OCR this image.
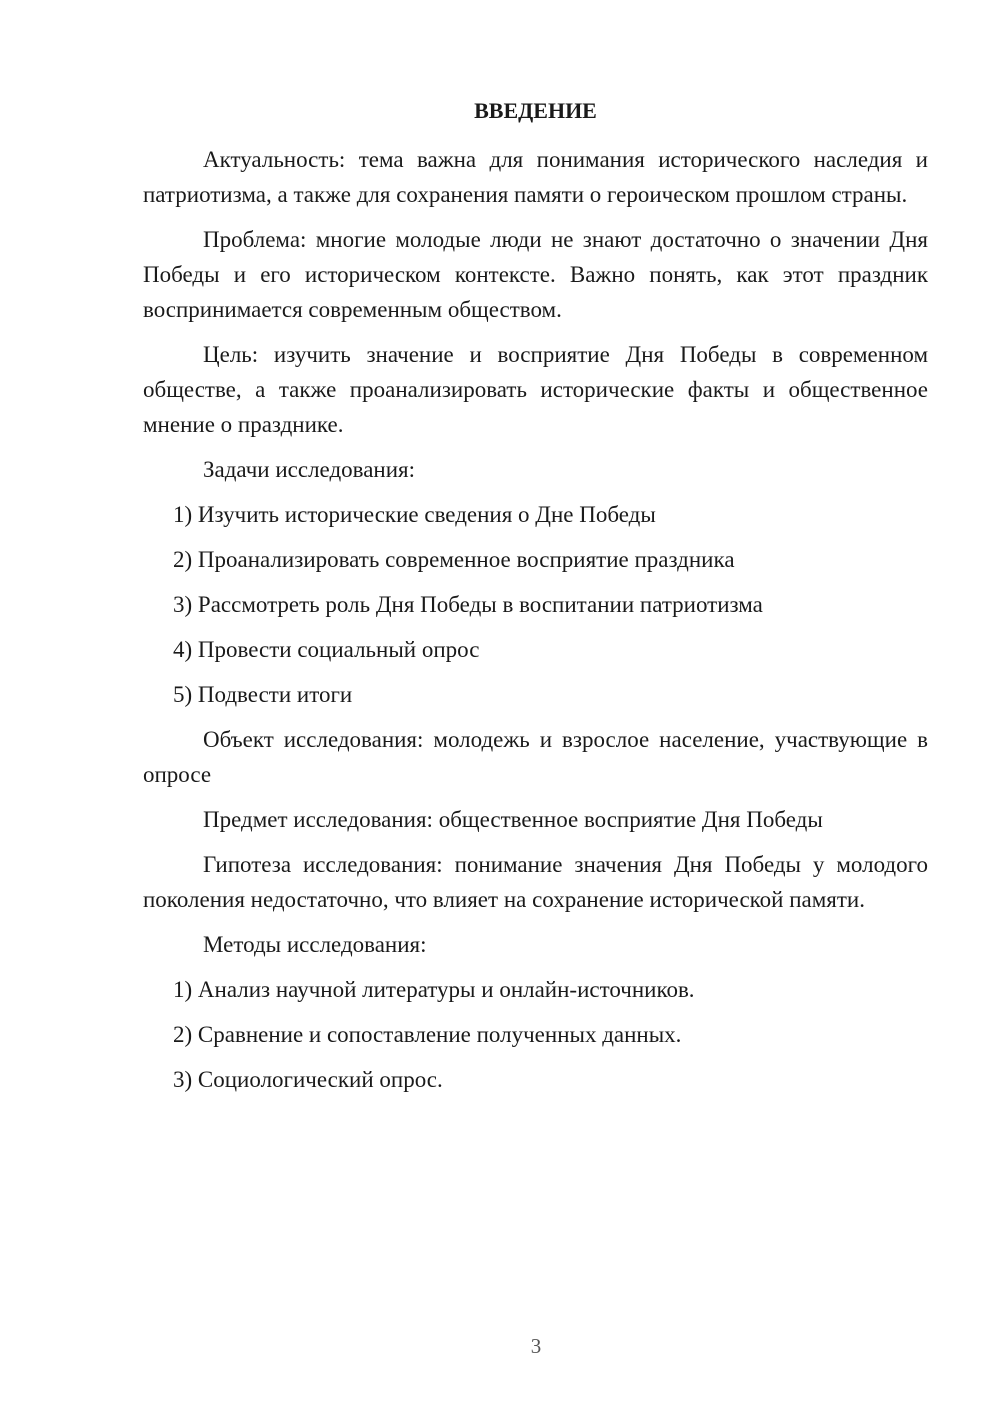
ВВЕДЕНИЕ

Актуальность: тема важна для понимания исторического наследия и патриотизма, а также для сохранения памяти о героическом прошлом страны.

Проблема: многие молодые люди не знают достаточно о значении Дня Победы и его историческом контексте. Важно понять, как этот праздник воспринимается современным обществом.

Цель: изучить значение и восприятие Дня Победы в современном обществе, а также проанализировать исторические факты и общественное мнение о празднике.

Задачи исследования:

1) Изучить исторические сведения о Дне Победы
2) Проанализировать современное восприятие праздника
3) Рассмотреть роль Дня Победы в воспитании патриотизма
4) Провести социальный опрос
5) Подвести итоги

Объект исследования: молодежь и взрослое население, участвующие в опросе

Предмет исследования: общественное восприятие Дня Победы

Гипотеза исследования: понимание значения Дня Победы у молодого поколения недостаточно, что влияет на сохранение исторической памяти.

Методы исследования:

1) Анализ научной литературы и онлайн-источников.
2) Сравнение и сопоставление полученных данных.
3) Социологический опрос.
3
